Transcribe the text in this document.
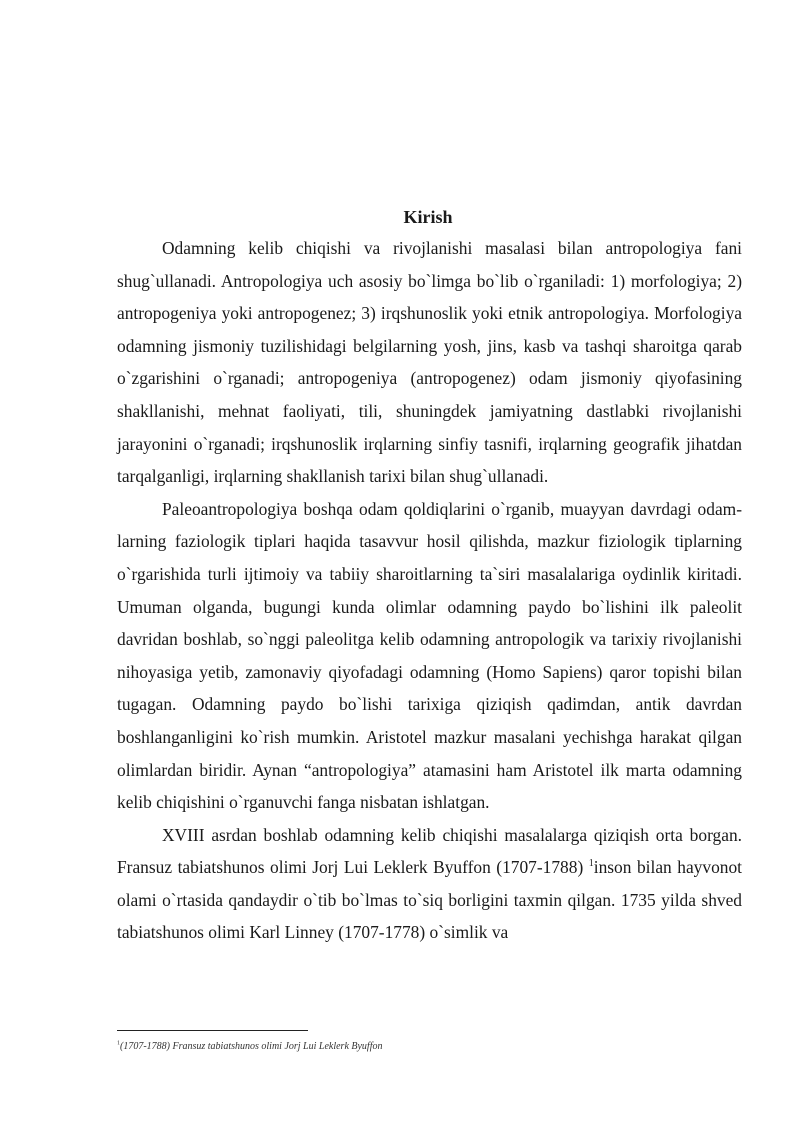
Kirish

Odamning kelib chiqishi va rivojlanishi masalasi bilan antropologiya fani shug`ullanadi. Antropologiya uch asosiy bo`limga bo`lib o`rganiladi: 1) morfologiya; 2) antropogeniya yoki antropogenez; 3) irqshunoslik yoki etnik antropologiya. Morfologiya odamning jismoniy tuzilishidagi belgilarning yosh, jins, kasb va tashqi sharoitga qarab o`zgarishini o`rganadi; antropogeniya (antropogenez) odam jismoniy qiyofasining shakllanishi, mehnat faoliyati, tili, shuningdek jamiyatning dastlabki rivojlanishi jarayonini o`rganadi; irqshunoslik irqlarning sinfiy tasnifi, irqlarning geografik jihatdan tarqalganligi, irqlarning shakllanish tarixi bilan shug`ullanadi.

Paleoantropologiya boshqa odam qoldiqlarini o`rganib, muayyan davrdagi odam-larning faziologik tiplari haqida tasavvur hosil qilishda, mazkur fiziologik tiplarning o`rgarishida turli ijtimoiy va tabiiy sharoitlarning ta`siri masalalariga oydinlik kiritadi. Umuman olganda, bugungi kunda olimlar odamning paydo bo`lishini ilk paleolit davridan boshlab, so`nggi paleolitga kelib odamning antropologik va tarixiy rivojlanishi nihoyasiga yetib, zamonaviy qiyofadagi odamning (Homo Sapiens) qaror topishi bilan tugagan. Odamning paydo bo`lishi tarixiga qiziqish qadimdan, antik davrdan boshlanganligini ko`rish mumkin. Aristotel mazkur masalani yechishga harakat qilgan olimlardan biridir. Aynan “antropologiya” atamasini ham Aristotel ilk marta odamning kelib chiqishini o`rganuvchi fanga nisbatan ishlatgan.

XVIII asrdan boshlab odamning kelib chiqishi masalalarga qiziqish orta borgan. Fransuz tabiatshunos olimi Jorj Lui Leklerk Byuffon (1707-1788) $^1$inson bilan hayvonot olami o`rtasida qandaydir o`tib bo`lmas to`siq borligini taxmin qilgan. 1735 yilda shved tabiatshunos olimi Karl Linney (1707-1778) o`simlik va

$^1$(1707-1788) Fransuz tabiatshunos olimi Jorj Lui Leklerk Byuffon
